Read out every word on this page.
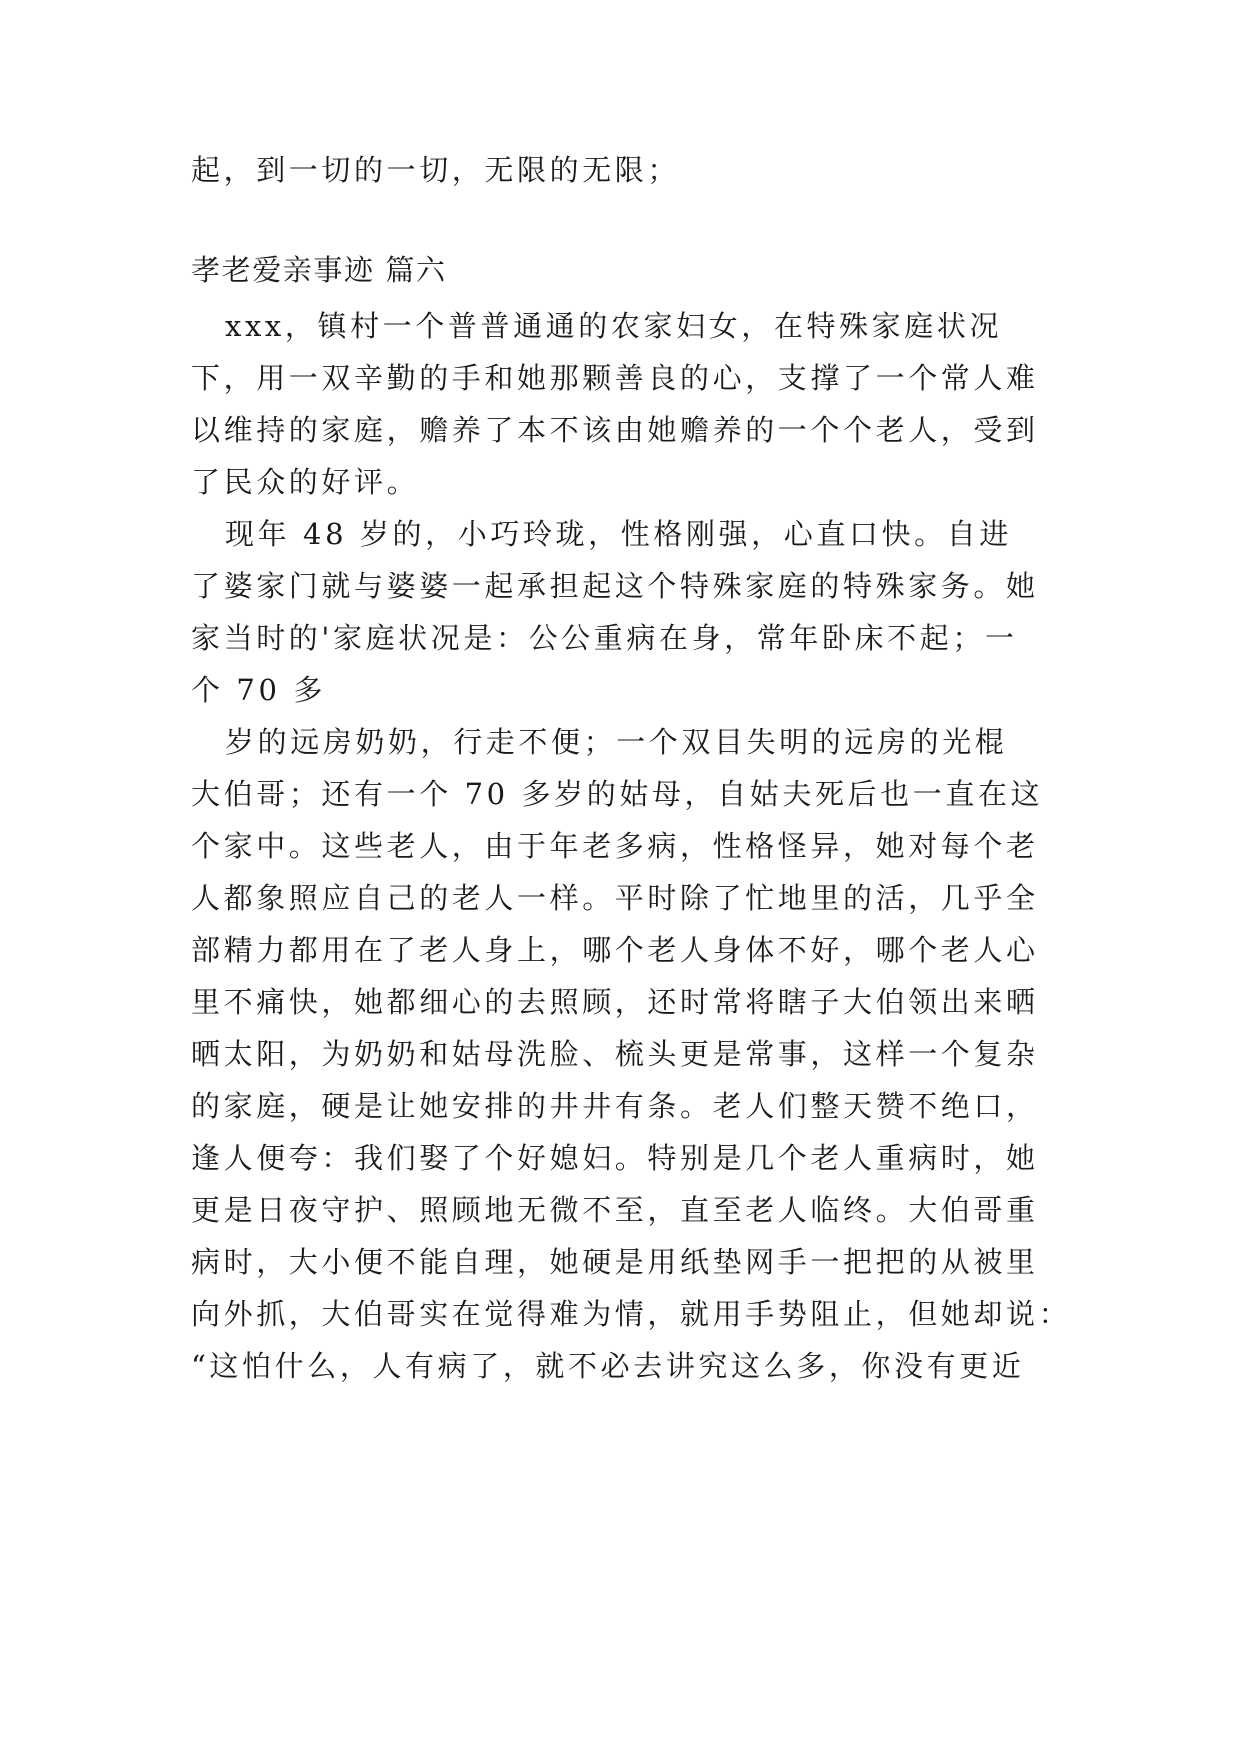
起，到一切的一切，无限的无限；
孝老爱亲事迹 篇六
xxx，镇村一个普普通通的农家妇女，在特殊家庭状况
下，用一双辛勤的手和她那颗善良的心，支撑了一个常人难
以维持的家庭，赡养了本不该由她赡养的一个个老人，受到
了民众的好评。
现年 48 岁的，小巧玲珑，性格刚强，心直口快。自进
了婆家门就与婆婆一起承担起这个特殊家庭的特殊家务。她
家当时的'家庭状况是：公公重病在身，常年卧床不起；一
个 70 多
岁的远房奶奶，行走不便；一个双目失明的远房的光棍
大伯哥；还有一个 70 多岁的姑母，自姑夫死后也一直在这
个家中。这些老人，由于年老多病，性格怪异，她对每个老
人都象照应自己的老人一样。平时除了忙地里的活，几乎全
部精力都用在了老人身上，哪个老人身体不好，哪个老人心
里不痛快，她都细心的去照顾，还时常将瞎子大伯领出来晒
晒太阳，为奶奶和姑母洗脸、梳头更是常事，这样一个复杂
的家庭，硬是让她安排的井井有条。老人们整天赞不绝口，
逢人便夸：我们娶了个好媳妇。特别是几个老人重病时，她
更是日夜守护、照顾地无微不至，直至老人临终。大伯哥重
病时，大小便不能自理，她硬是用纸垫网手一把把的从被里
向外抓，大伯哥实在觉得难为情，就用手势阻止，但她却说：
“这怕什么，人有病了，就不必去讲究这么多，你没有更近
